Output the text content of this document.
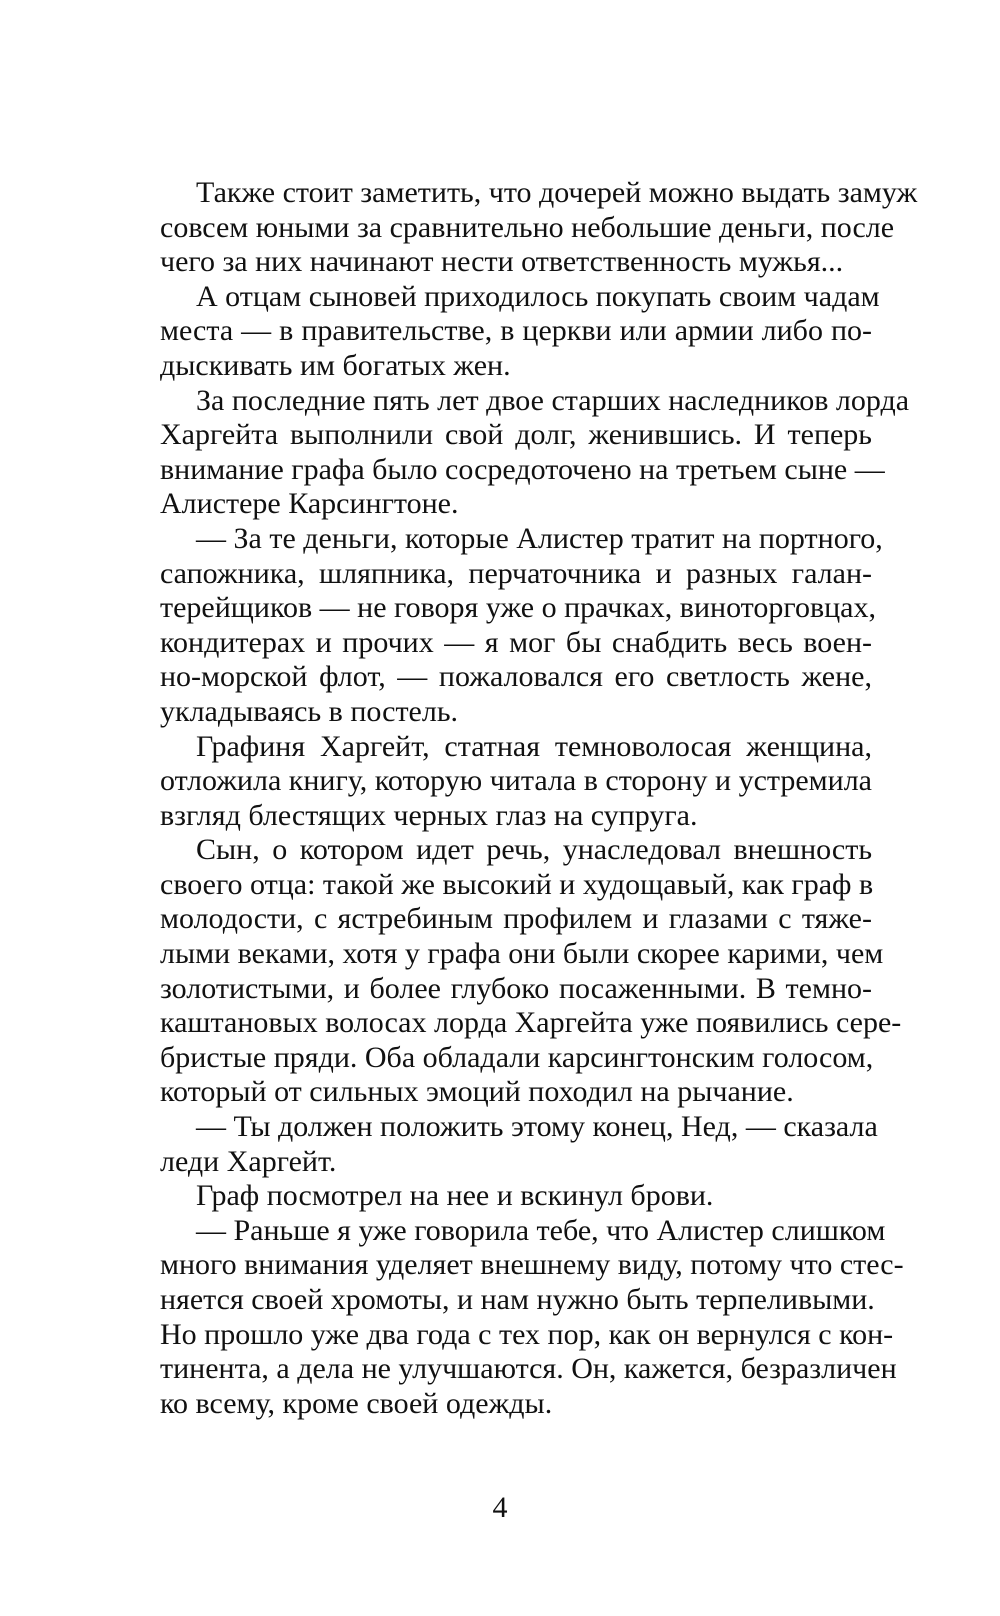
Также стоит заметить, что дочерей можно выдать замуж
совсем юными за сравнительно небольшие деньги, после
чего за них начинают нести ответственность мужья...
А отцам сыновей приходилось покупать своим чадам
места — в правительстве, в церкви или армии либо по-
дыскивать им богатых жен.
За последние пять лет двое старших наследников лорда
Харгейта выполнили свой долг, женившись. И теперь
внимание графа было сосредоточено на третьем сыне —
Алистере Карсингтоне.
— За те деньги, которые Алистер тратит на портного,
сапожника, шляпника, перчаточника и разных галан-
терейщиков — не говоря уже о прачках, виноторговцах,
кондитерах и прочих — я мог бы снабдить весь воен-
но-морской флот, — пожаловался его светлость жене,
укладываясь в постель.
Графиня Харгейт, статная темноволосая женщина,
отложила книгу, которую читала в сторону и устремила
взгляд блестящих черных глаз на супруга.
Сын, о котором идет речь, унаследовал внешность
своего отца: такой же высокий и худощавый, как граф в
молодости, с ястребиным профилем и глазами с тяже-
лыми веками, хотя у графа они были скорее карими, чем
золотистыми, и более глубоко посаженными. В темно-
каштановых волосах лорда Харгейта уже появились сере-
бристые пряди. Оба обладали карсингтонским голосом,
который от сильных эмоций походил на рычание.
— Ты должен положить этому конец, Нед, — сказала
леди Харгейт.
Граф посмотрел на нее и вскинул брови.
— Раньше я уже говорила тебе, что Алистер слишком
много внимания уделяет внешнему виду, потому что стес-
няется своей хромоты, и нам нужно быть терпеливыми.
Но прошло уже два года с тех пор, как он вернулся с кон-
тинента, а дела не улучшаются. Он, кажется, безразличен
ко всему, кроме своей одежды.
4
